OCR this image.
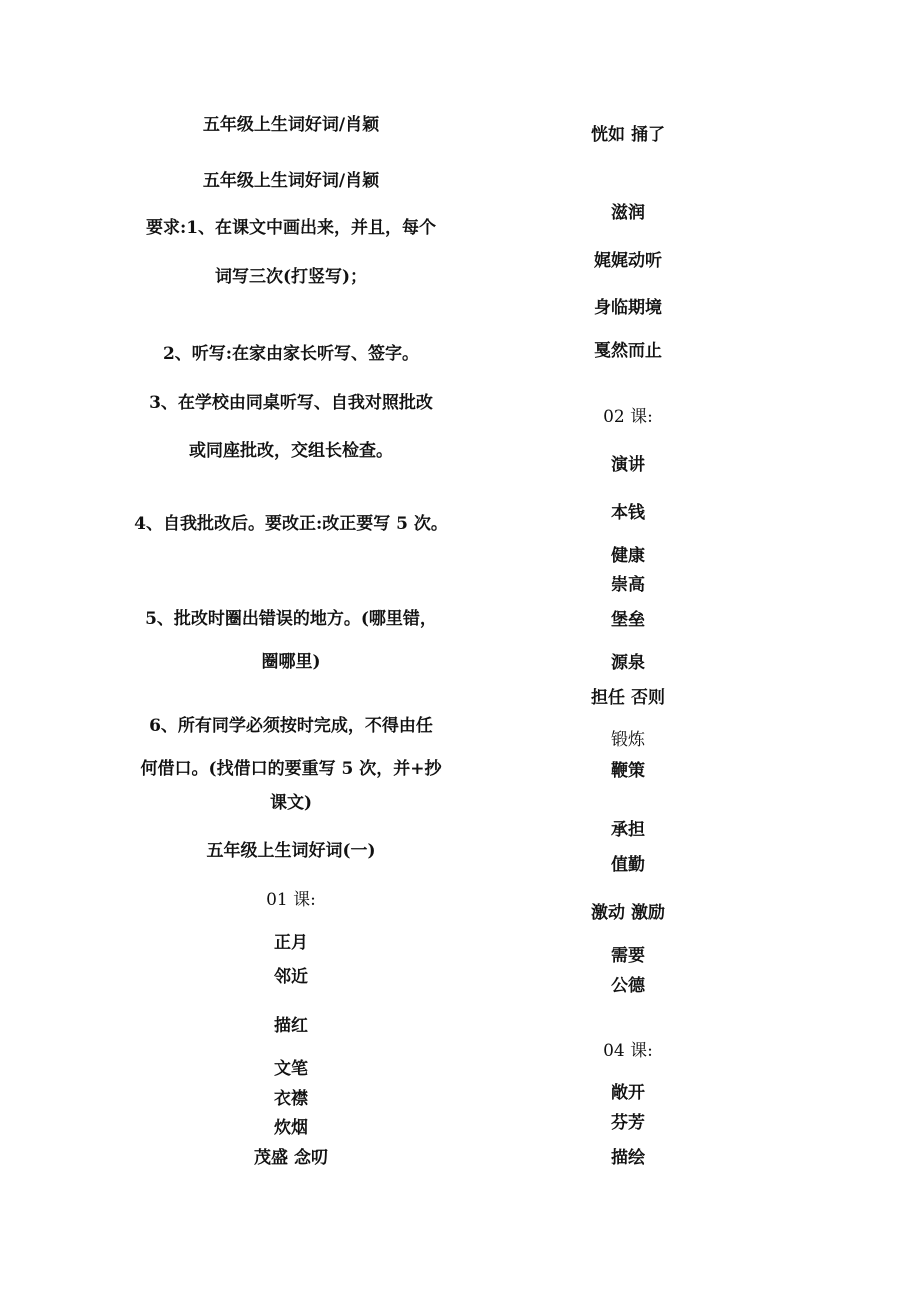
五年级上生词好词/肖颖
五年级上生词好词/肖颖
要求:1、在课文中画出来，并且，每个
词写三次(打竖写)；
2、听写:在家由家长听写、签字。
3、在学校由同桌听写、自我对照批改
或同座批改，交组长检查。
4、自我批改后。要改正:改正要写 5 次。
5、批改时圈出错误的地方。(哪里错，
圈哪里)
6、所有同学必须按时完成，不得由任
何借口。(找借口的要重写 5 次，并+抄
课文)
五年级上生词好词(一)
01 课:
正月
邻近
描红
文笔
衣襟
炊烟
茂盛 念叨
恍如 捅了
滋润
娓娓动听
身临期境
戛然而止
02 课:
演讲
本钱
健康
崇高
堡垒
源泉
担任 否则
锻炼
鞭策
承担
值勤
激动 激励
需要
公德
04 课:
敞开
芬芳
描绘
